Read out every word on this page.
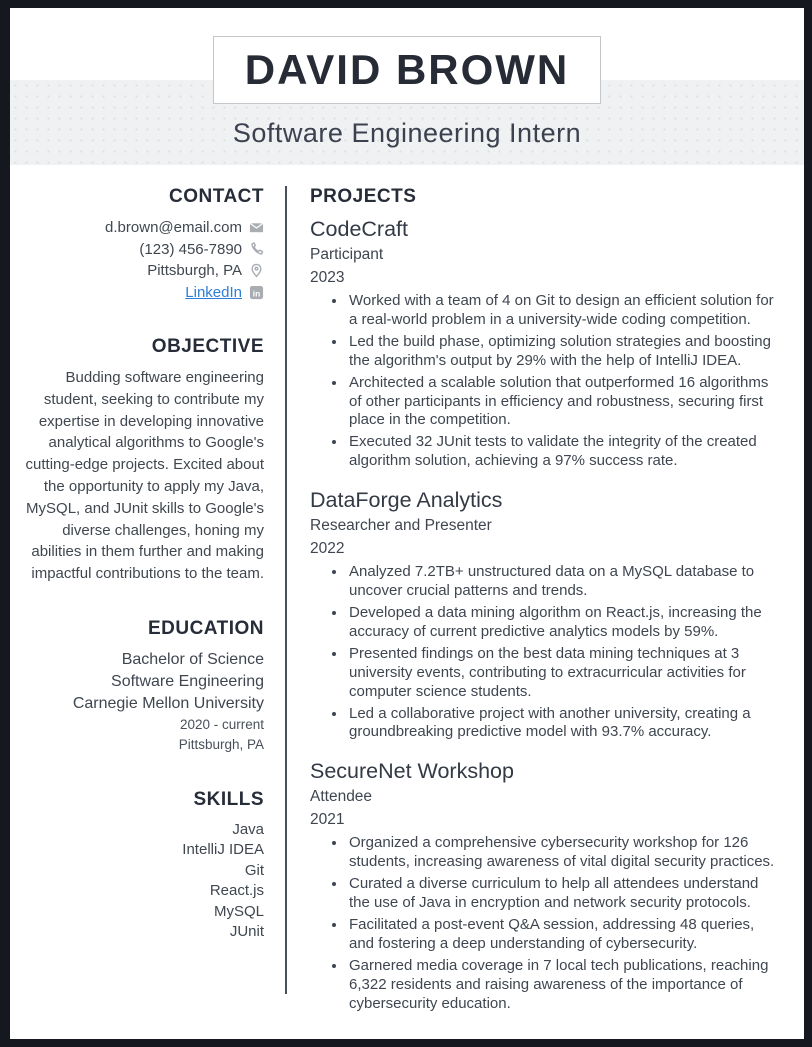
Software Engineering Intern
DAVID BROWN
CONTACT
d.brown@email.com
(123) 456-7890
Pittsburgh, PA
LinkedIn in
OBJECTIVE
Budding software engineering student, seeking to contribute my expertise in developing innovative analytical algorithms to Google's cutting-edge projects. Excited about the opportunity to apply my Java, MySQL, and JUnit skills to Google's diverse challenges, honing my abilities in them further and making impactful contributions to the team.
EDUCATION
Bachelor of Science
Software Engineering
Carnegie Mellon University
2020 - current
Pittsburgh, PA
SKILLS
Java
IntelliJ IDEA
Git
React.js
MySQL
JUnit
PROJECTS
CodeCraft
Participant
2023
• Worked with a team of 4 on Git to design an efficient solution for a real-world problem in a university-wide coding competition.
• Led the build phase, optimizing solution strategies and boosting the algorithm's output by 29% with the help of IntelliJ IDEA.
• Architected a scalable solution that outperformed 16 algorithms of other participants in efficiency and robustness, securing first place in the competition.
• Executed 32 JUnit tests to validate the integrity of the created algorithm solution, achieving a 97% success rate.
DataForge Analytics
Researcher and Presenter
2022
• Analyzed 7.2TB+ unstructured data on a MySQL database to uncover crucial patterns and trends.
• Developed a data mining algorithm on React.js, increasing the accuracy of current predictive analytics models by 59%.
• Presented findings on the best data mining techniques at 3 university events, contributing to extracurricular activities for computer science students.
• Led a collaborative project with another university, creating a groundbreaking predictive model with 93.7% accuracy.
SecureNet Workshop
Attendee
2021
• Organized a comprehensive cybersecurity workshop for 126 students, increasing awareness of vital digital security practices.
• Curated a diverse curriculum to help all attendees understand the use of Java in encryption and network security protocols.
• Facilitated a post-event Q&A session, addressing 48 queries, and fostering a deep understanding of cybersecurity.
• Garnered media coverage in 7 local tech publications, reaching 6,322 residents and raising awareness of the importance of cybersecurity education.
